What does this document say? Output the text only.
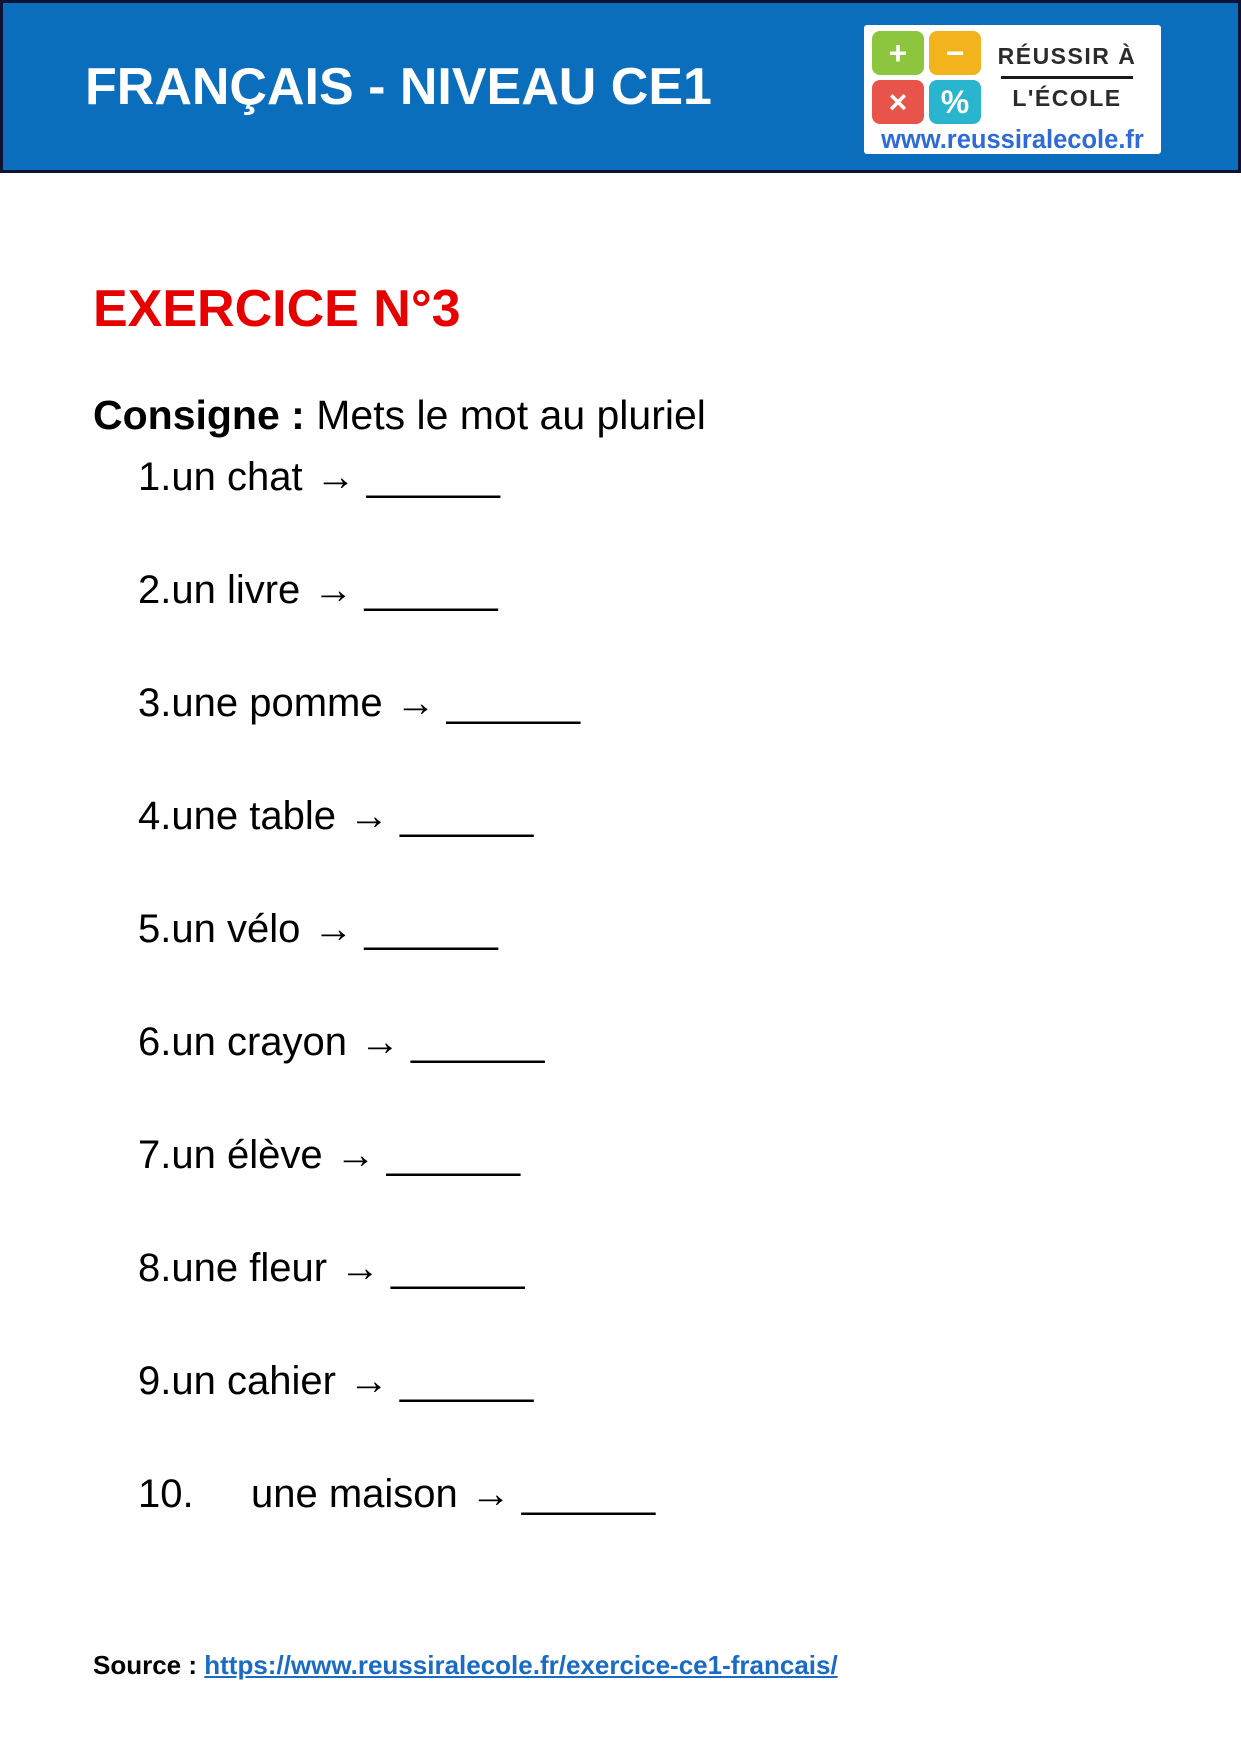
FRANÇAIS - NIVEAU CE1
+	−
×	%
RÉUSSIR À
L'ÉCOLE
www.reussiralecole.fr
EXERCICE N°3
Consigne : Mets le mot au pluriel
1.un chat → ______
2.un livre → ______
3.une pomme → ______
4.une table → ______
5.un vélo → ______
6.un crayon → ______
7.un élève → ______
8.une fleur → ______
9.un cahier → ______
10. une maison → ______
Source : https://www.reussiralecole.fr/exercice-ce1-francais/
